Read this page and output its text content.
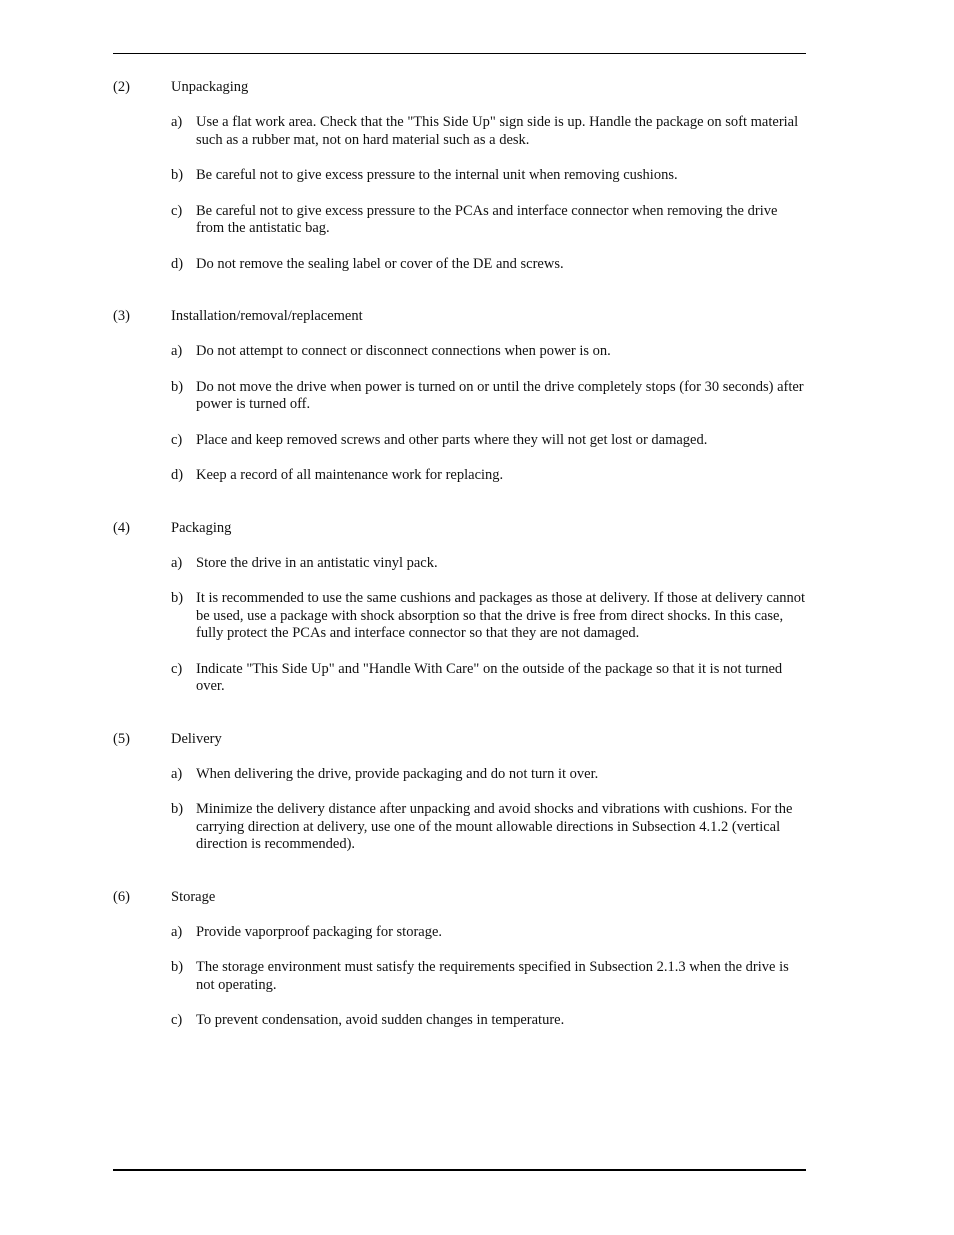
(2)	Unpackaging
a) Use a flat work area. Check that the "This Side Up" sign side is up. Handle the package on soft material such as a rubber mat, not on hard material such as a desk.
b) Be careful not to give excess pressure to the internal unit when removing cushions.
c) Be careful not to give excess pressure to the PCAs and interface connector when removing the drive from the antistatic bag.
d) Do not remove the sealing label or cover of the DE and screws.
(3)	Installation/removal/replacement
a) Do not attempt to connect or disconnect connections when power is on.
b) Do not move the drive when power is turned on or until the drive completely stops (for 30 seconds) after power is turned off.
c) Place and keep removed screws and other parts where they will not get lost or damaged.
d) Keep a record of all maintenance work for replacing.
(4)	Packaging
a) Store the drive in an antistatic vinyl pack.
b) It is recommended to use the same cushions and packages as those at delivery. If those at delivery cannot be used, use a package with shock absorption so that the drive is free from direct shocks. In this case, fully protect the PCAs and interface connector so that they are not damaged.
c) Indicate "This Side Up" and "Handle With Care" on the outside of the package so that it is not turned over.
(5)	Delivery
a) When delivering the drive, provide packaging and do not turn it over.
b) Minimize the delivery distance after unpacking and avoid shocks and vibrations with cushions. For the carrying direction at delivery, use one of the mount allowable directions in Subsection 4.1.2 (vertical direction is recommended).
(6)	Storage
a) Provide vaporproof packaging for storage.
b) The storage environment must satisfy the requirements specified in Subsection 2.1.3 when the drive is not operating.
c) To prevent condensation, avoid sudden changes in temperature.
